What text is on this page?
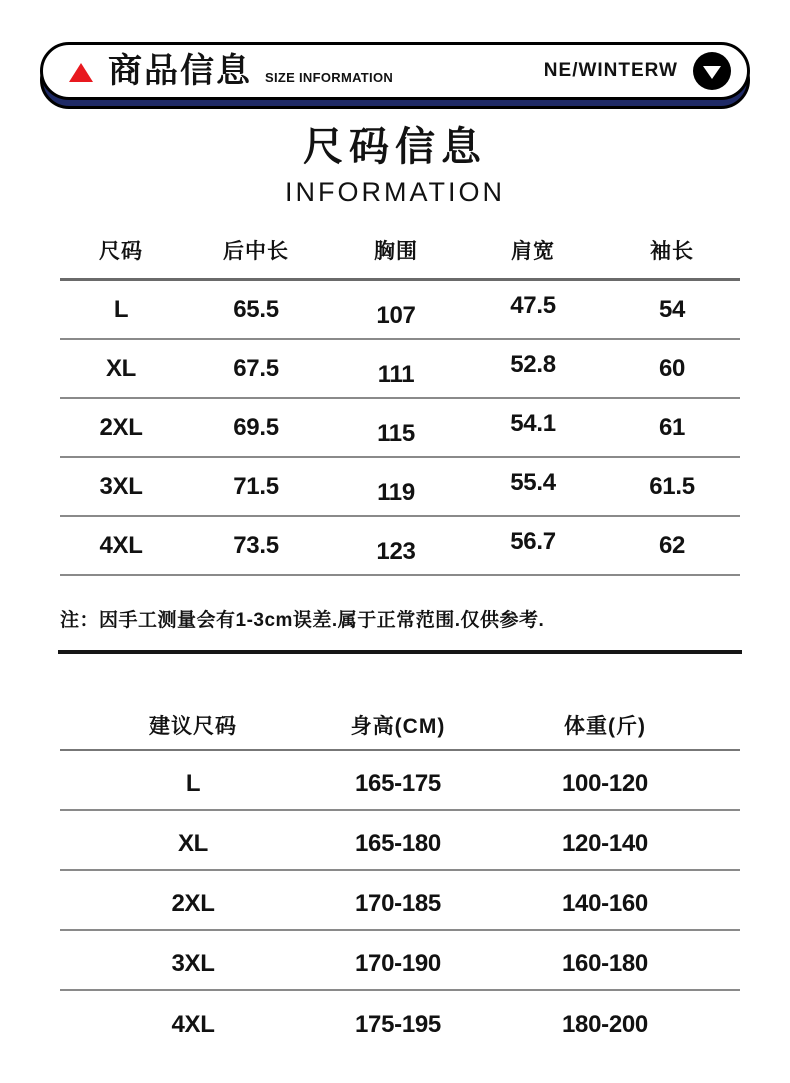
商品信息 SIZE INFORMATION	NE/WINTERW
尺码信息
INFORMATION
尺码	后中长	胸围	肩宽	袖长
L	65.5	107	47.5	54
XL	67.5	111	52.8	60
2XL	69.5	115	54.1	61
3XL	71.5	119	55.4	61.5
4XL	73.5	123	56.7	62
注：因手工测量会有1-3cm误差.属于正常范围.仅供参考.
建议尺码	身高(CM)	体重(斤)
L	165-175	100-120
XL	165-180	120-140
2XL	170-185	140-160
3XL	170-190	160-180
4XL	175-195	180-200
